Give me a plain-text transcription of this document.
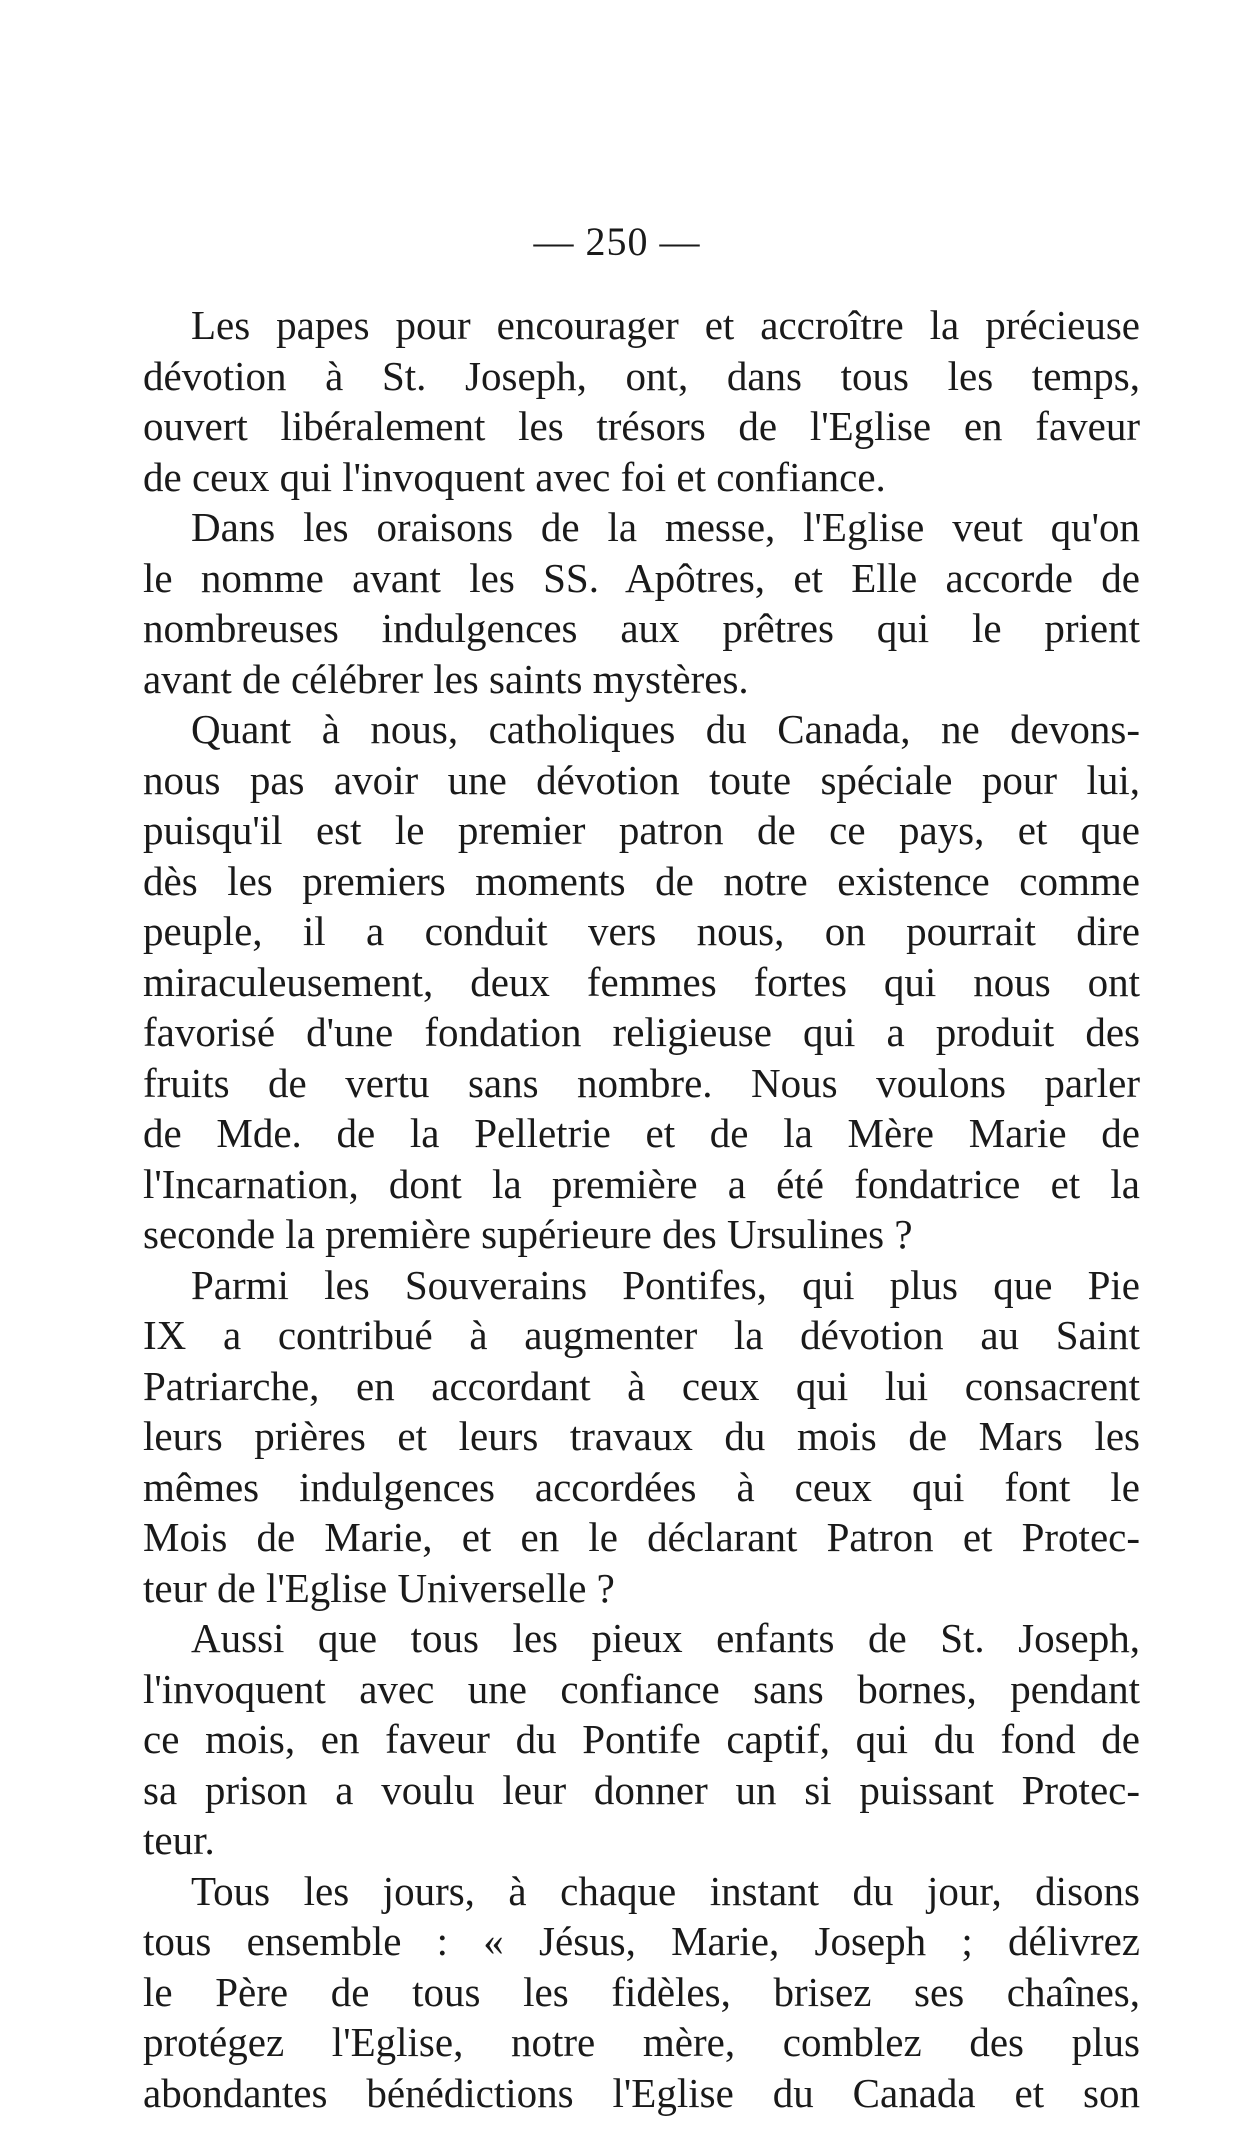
— 250 —
Les papes pour encourager et accroître la précieuse
dévotion à St. Joseph, ont, dans tous les temps,
ouvert libéralement les trésors de l'Eglise en faveur
de ceux qui l'invoquent avec foi et confiance.
Dans les oraisons de la messe, l'Eglise veut qu'on
le nomme avant les SS. Apôtres, et Elle accorde de
nombreuses indulgences aux prêtres qui le prient
avant de célébrer les saints mystères.
Quant à nous, catholiques du Canada, ne devons-
nous pas avoir une dévotion toute spéciale pour lui,
puisqu'il est le premier patron de ce pays, et que
dès les premiers moments de notre existence comme
peuple, il a conduit vers nous, on pourrait dire
miraculeusement, deux femmes fortes qui nous ont
favorisé d'une fondation religieuse qui a produit des
fruits de vertu sans nombre. Nous voulons parler
de Mde. de la Pelletrie et de la Mère Marie de
l'Incarnation, dont la première a été fondatrice et la
seconde la première supérieure des Ursulines ?
Parmi les Souverains Pontifes, qui plus que Pie
IX a contribué à augmenter la dévotion au Saint
Patriarche, en accordant à ceux qui lui consacrent
leurs prières et leurs travaux du mois de Mars les
mêmes indulgences accordées à ceux qui font le
Mois de Marie, et en le déclarant Patron et Protec-
teur de l'Eglise Universelle ?
Aussi que tous les pieux enfants de St. Joseph,
l'invoquent avec une confiance sans bornes, pendant
ce mois, en faveur du Pontife captif, qui du fond de
sa prison a voulu leur donner un si puissant Protec-
teur.
Tous les jours, à chaque instant du jour, disons
tous ensemble : « Jésus, Marie, Joseph ; délivrez
le Père de tous les fidèles, brisez ses chaînes,
protégez l'Eglise, notre mère, comblez des plus
abondantes bénédictions l'Eglise du Canada et son
